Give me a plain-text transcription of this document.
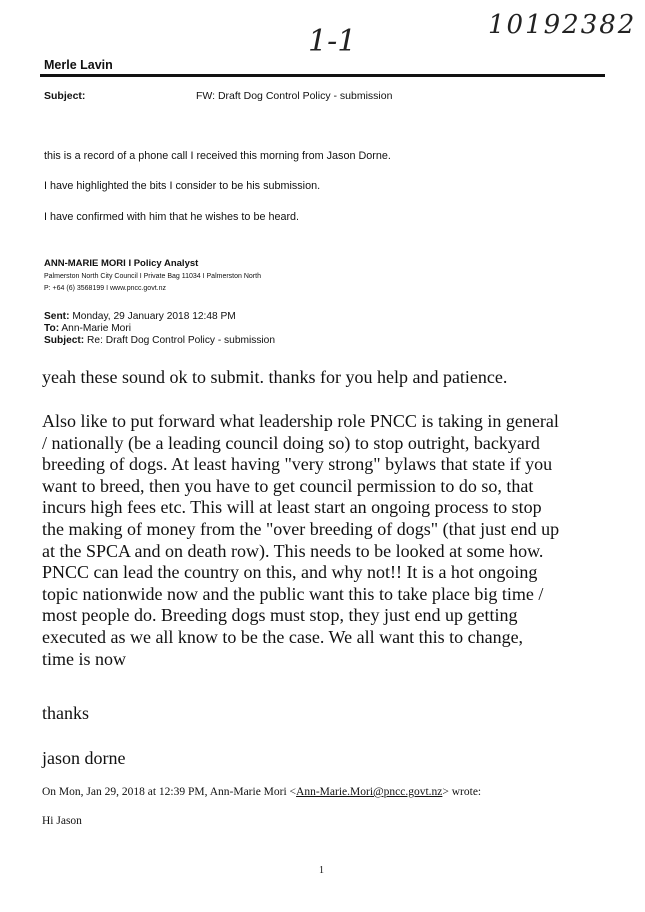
10192382
1-1
Merle Lavin
Subject:	FW: Draft Dog Control Policy - submission
this is a record of a phone call I received this morning from Jason Dorne.
I have highlighted the bits I consider to be his submission.
I have confirmed with him that he wishes to be heard.
ANN-MARIE MORI I Policy Analyst
Palmerston North City Council I Private Bag 11034 I Palmerston North
P: +64 (6) 3568199 I www.pncc.govt.nz
Sent: Monday, 29 January 2018 12:48 PM
To: Ann-Marie Mori
Subject: Re: Draft Dog Control Policy - submission
yeah these sound ok to submit. thanks for you help and patience.
Also like to put forward what leadership role PNCC is taking in general
/ nationally (be a leading council doing so) to stop outright, backyard
breeding of dogs. At least having "very strong" bylaws that state if you
want to breed, then you have to get council permission to do so, that
incurs high fees etc. This will at least start an ongoing process to stop
the making of money from the "over breeding of dogs" (that just end up
at the SPCA and on death row). This needs to be looked at some how.
PNCC can lead the country on this, and why not!! It is a hot ongoing
topic nationwide now and the public want this to take place big time /
most people do. Breeding dogs must stop, they just end up getting
executed as we all know to be the case. We all want this to change,
time is now
thanks
jason dorne
On Mon, Jan 29, 2018 at 12:39 PM, Ann-Marie Mori <Ann-Marie.Mori@pncc.govt.nz> wrote:
Hi Jason
1
